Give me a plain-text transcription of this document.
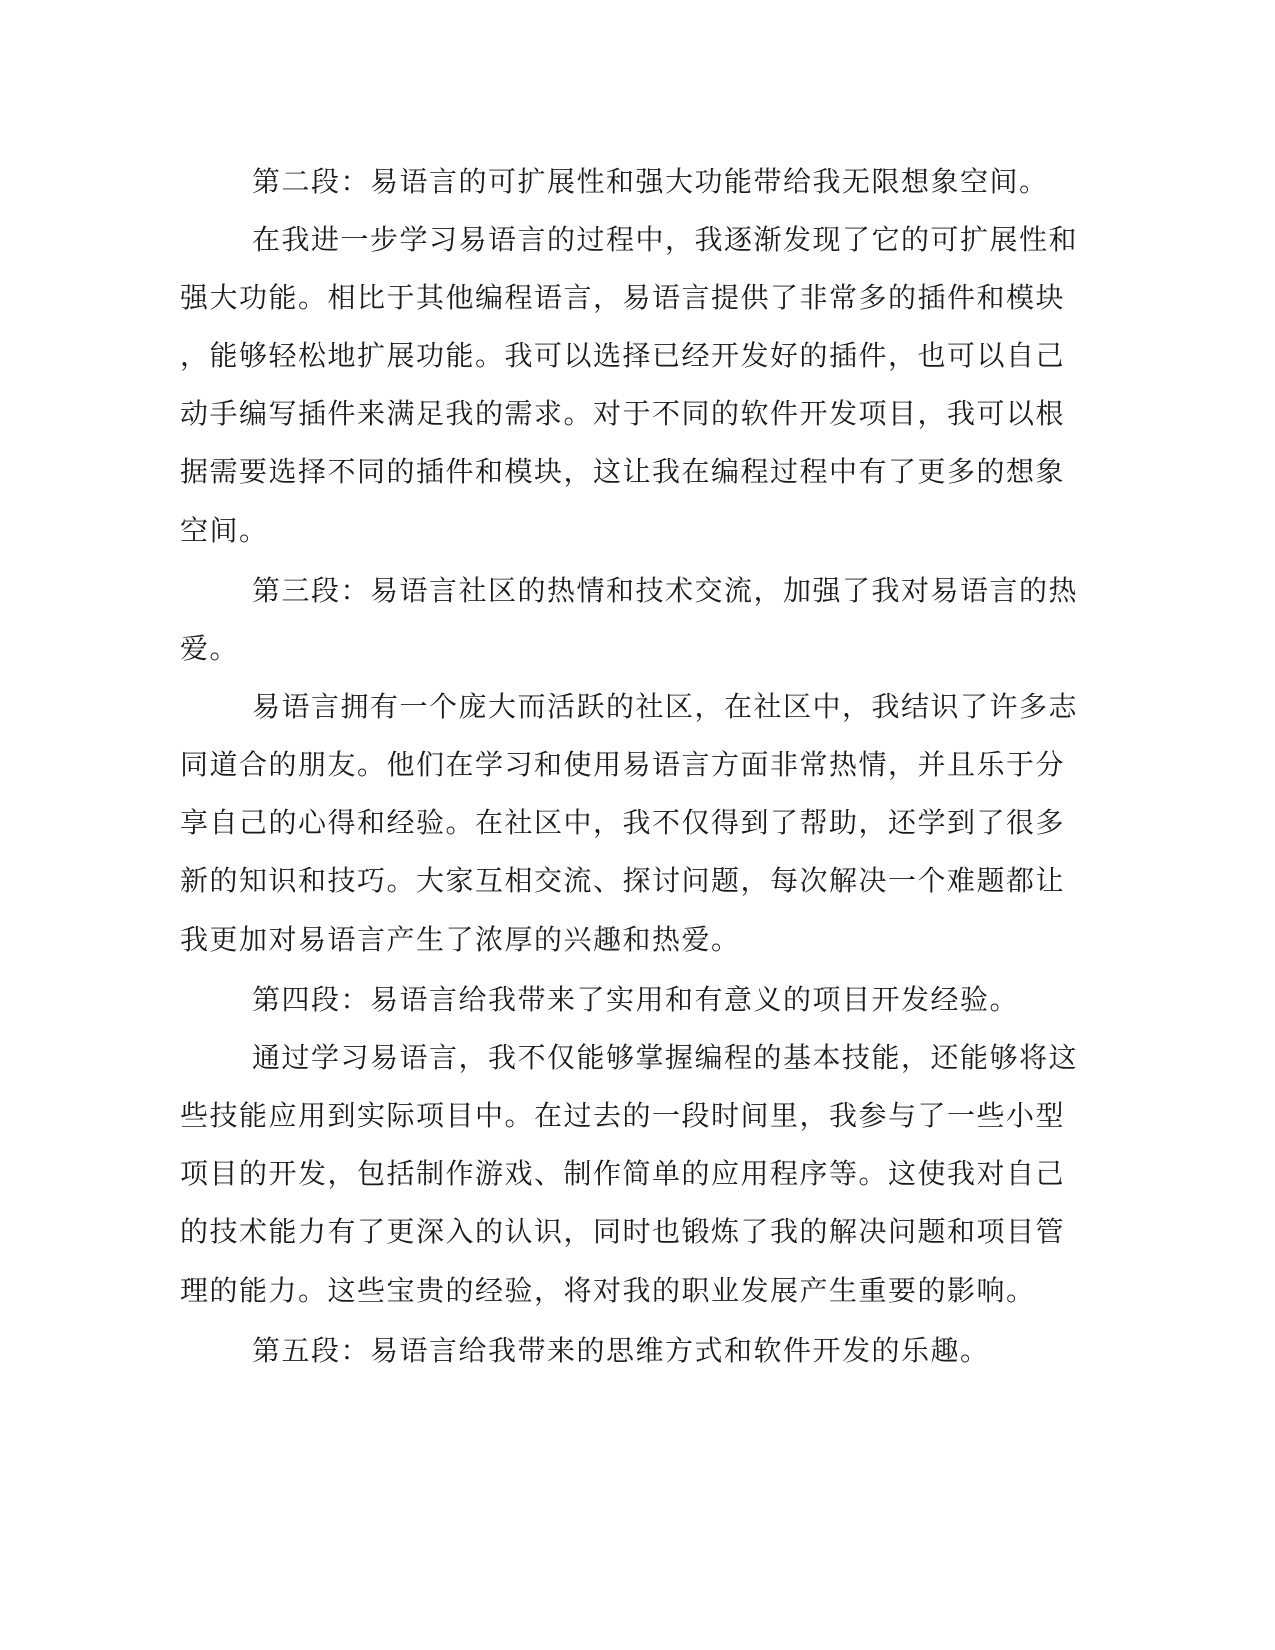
第二段：易语言的可扩展性和强大功能带给我无限想象空间。

在我进一步学习易语言的过程中，我逐渐发现了它的可扩展性和

强大功能。相比于其他编程语言，易语言提供了非常多的插件和模块

，能够轻松地扩展功能。我可以选择已经开发好的插件，也可以自己

动手编写插件来满足我的需求。对于不同的软件开发项目，我可以根

据需要选择不同的插件和模块，这让我在编程过程中有了更多的想象

空间。

第三段：易语言社区的热情和技术交流，加强了我对易语言的热

爱。

易语言拥有一个庞大而活跃的社区，在社区中，我结识了许多志

同道合的朋友。他们在学习和使用易语言方面非常热情，并且乐于分

享自己的心得和经验。在社区中，我不仅得到了帮助，还学到了很多

新的知识和技巧。大家互相交流、探讨问题，每次解决一个难题都让

我更加对易语言产生了浓厚的兴趣和热爱。

第四段：易语言给我带来了实用和有意义的项目开发经验。

通过学习易语言，我不仅能够掌握编程的基本技能，还能够将这

些技能应用到实际项目中。在过去的一段时间里，我参与了一些小型

项目的开发，包括制作游戏、制作简单的应用程序等。这使我对自己

的技术能力有了更深入的认识，同时也锻炼了我的解决问题和项目管

理的能力。这些宝贵的经验，将对我的职业发展产生重要的影响。

第五段：易语言给我带来的思维方式和软件开发的乐趣。
